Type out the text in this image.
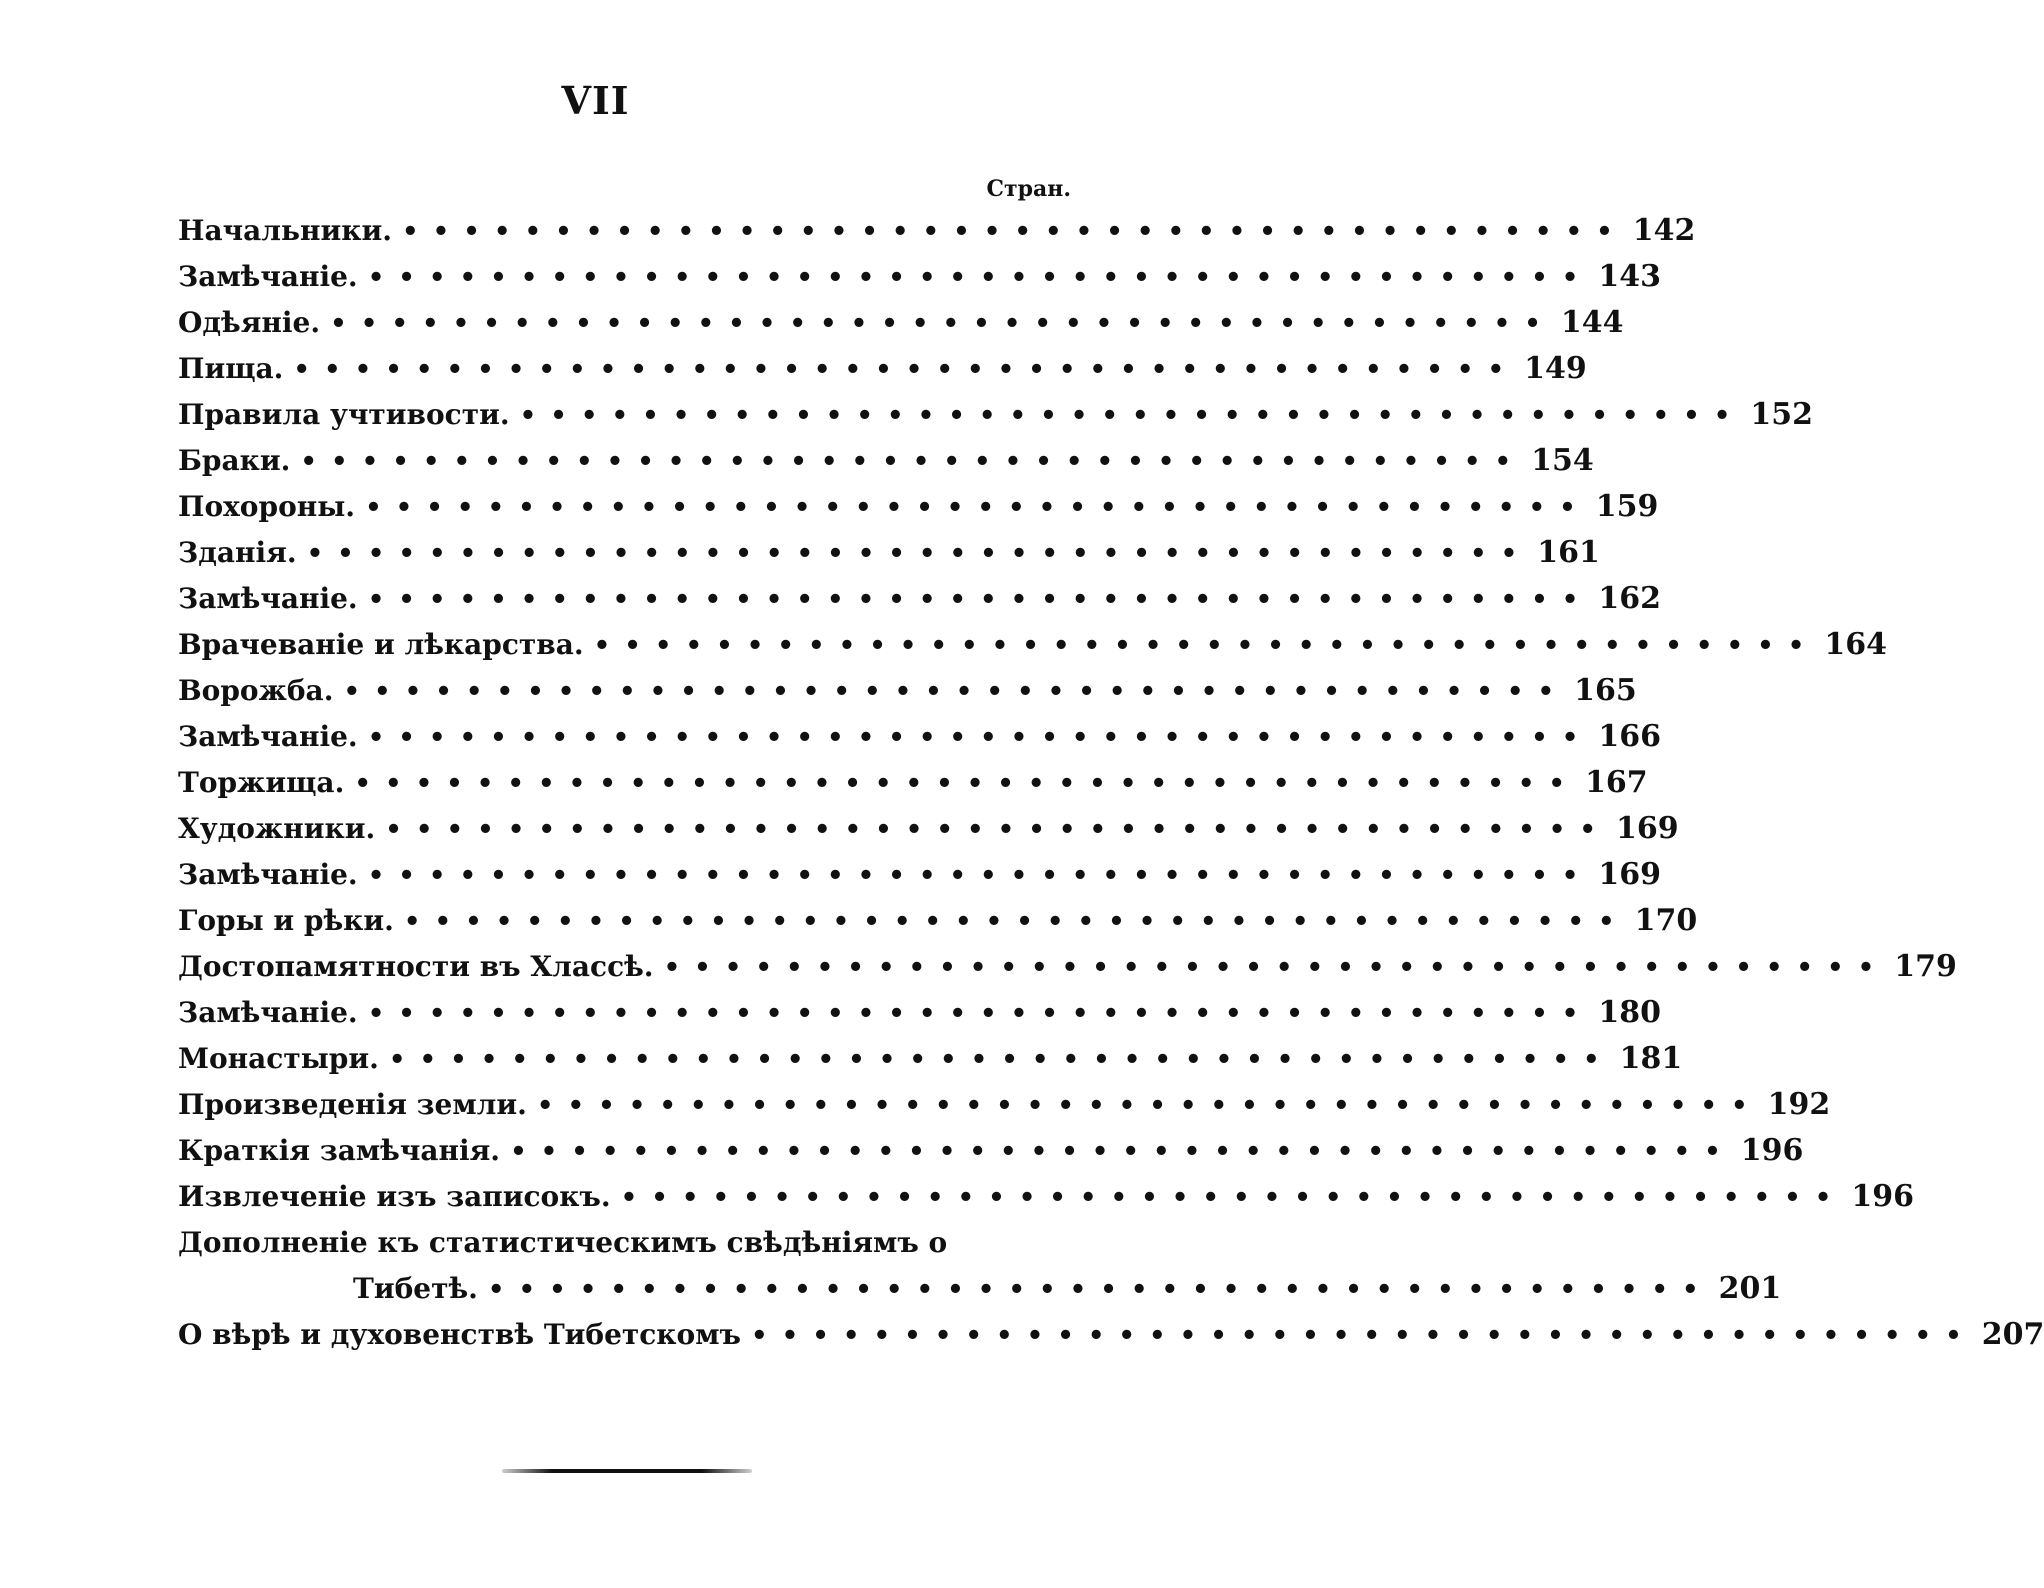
VII
Стран.
Начальники. •••••••••••••••••••••••••••••••••••••••• 142
Замѣчаніе. •••••••••••••••••••••••••••••••••••••••• 143
Одѣяніе. •••••••••••••••••••••••••••••••••••••••• 144
Пища. •••••••••••••••••••••••••••••••••••••••• 149
Правила учтивости. •••••••••••••••••••••••••••••••••••••••• 152
Браки. •••••••••••••••••••••••••••••••••••••••• 154
Похороны. •••••••••••••••••••••••••••••••••••••••• 159
Зданія. •••••••••••••••••••••••••••••••••••••••• 161
Замѣчаніе. •••••••••••••••••••••••••••••••••••••••• 162
Врачеваніе и лѣкарства. •••••••••••••••••••••••••••••••••••••••• 164
Ворожба. •••••••••••••••••••••••••••••••••••••••• 165
Замѣчаніе. •••••••••••••••••••••••••••••••••••••••• 166
Торжища. •••••••••••••••••••••••••••••••••••••••• 167
Художники. •••••••••••••••••••••••••••••••••••••••• 169
Замѣчаніе. •••••••••••••••••••••••••••••••••••••••• 169
Горы и рѣки. •••••••••••••••••••••••••••••••••••••••• 170
Достопамятности въ Хлассѣ. •••••••••••••••••••••••••••••••••••••••• 179
Замѣчаніе. •••••••••••••••••••••••••••••••••••••••• 180
Монастыри. •••••••••••••••••••••••••••••••••••••••• 181
Произведенія земли. •••••••••••••••••••••••••••••••••••••••• 192
Краткія замѣчанія. •••••••••••••••••••••••••••••••••••••••• 196
Извлеченіе изъ записокъ. •••••••••••••••••••••••••••••••••••••••• 196
Дополненіе къ статистическимъ свѣдѣніямъ о
Тибетѣ. •••••••••••••••••••••••••••••••••••••••• 201
О вѣрѣ и духовенствѣ Тибетскомъ •••••••••••••••••••••••••••••••••••••••• 207
